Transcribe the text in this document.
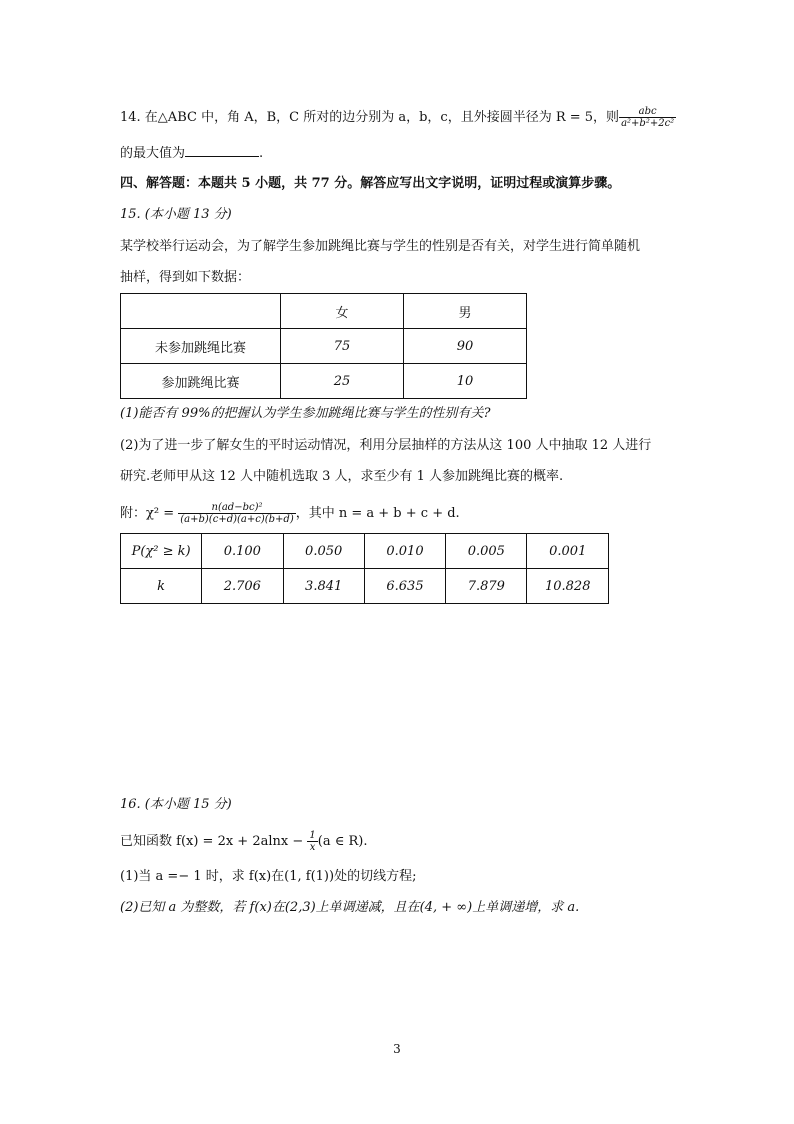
14. 在△ABC 中，角 A，B，C 所对的边分别为 a，b，c，且外接圆半径为 R = 5，则 $\frac{\text{abc}}{\text{a²+b²+2c²}}$
的最大值为	.
四、解答题：本题共 5 小题，共 77 分。解答应写出文字说明，证明过程或演算步骤。
15. (本小题 13 分)
某学校举行运动会，为了解学生参加跳绳比赛与学生的性别是否有关，对学生进行简单随机
抽样，得到如下数据：
	女	男
未参加跳绳比赛	75	90
参加跳绳比赛	25	10
(1)能否有 99%的把握认为学生参加跳绳比赛与学生的性别有关?
(2)为了进一步了解女生的平时运动情况，利用分层抽样的方法从这 100 人中抽取 12 人进行
研究.老师甲从这 12 人中随机选取 3 人，求至少有 1 人参加跳绳比赛的概率.
附：$\chi^2 = \frac{\text{n(ad−bc)²}}{(a+b)(c+d)(a+c)(b+d)}$ ，其中 n = a + b + c + d.
P(χ² ≥ k)	0.100	0.050	0.010	0.005	0.001
k	2.706	3.841	6.635	7.879	10.828
16. (本小题 15 分)
已知函数 $f(x) = 2x + 2alnx - \frac{1}{x} (a$ ∈ R).
(1)当 a =− 1 时，求 f(x)在(1, f(1))处的切线方程;
(2)已知 a 为整数，若 f(x)在(2,3)上单调递减，且在(4, + ∞)上单调递增，求 a.
3
